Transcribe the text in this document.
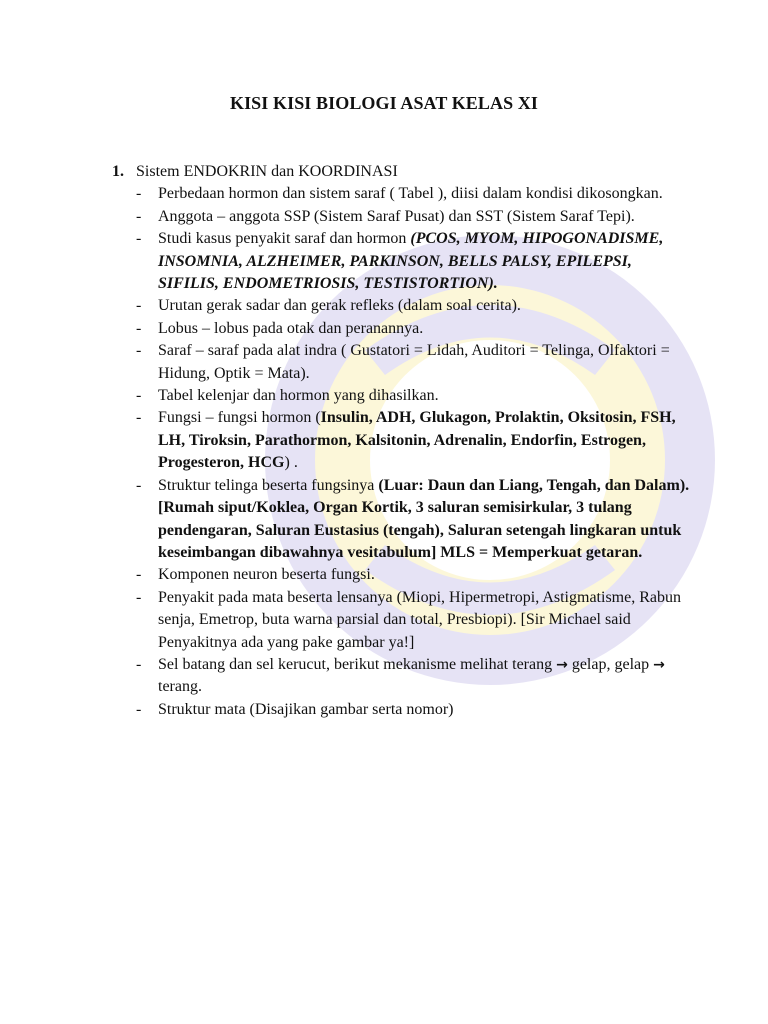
KISI KISI BIOLOGI ASAT KELAS XI

1. Sistem ENDOKRIN dan KOORDINASI

- Perbedaan hormon dan sistem saraf ( Tabel ), diisi dalam kondisi dikosongkan.
- Anggota – anggota SSP (Sistem Saraf Pusat) dan SST (Sistem Saraf Tepi).
- Studi kasus penyakit saraf dan hormon (PCOS, MYOM, HIPOGONADISME, INSOMNIA, ALZHEIMER, PARKINSON, BELLS PALSY, EPILEPSI, SIFILIS, ENDOMETRIOSIS, TESTISTORTION).
- Urutan gerak sadar dan gerak refleks (dalam soal cerita).
- Lobus – lobus pada otak dan peranannya.
- Saraf – saraf pada alat indra ( Gustatori = Lidah, Auditori = Telinga, Olfaktori = Hidung, Optik = Mata).
- Tabel kelenjar dan hormon yang dihasilkan.
- Fungsi – fungsi hormon (Insulin, ADH, Glukagon, Prolaktin, Oksitosin, FSH, LH, Tiroksin, Parathormon, Kalsitonin, Adrenalin, Endorfin, Estrogen, Progesteron, HCG) .
- Struktur telinga beserta fungsinya (Luar: Daun dan Liang, Tengah, dan Dalam). [Rumah siput/Koklea, Organ Kortik, 3 saluran semisirkular, 3 tulang pendengaran, Saluran Eustasius (tengah), Saluran setengah lingkaran untuk keseimbangan dibawahnya vesitabulum] MLS = Memperkuat getaran.
- Komponen neuron beserta fungsi.
- Penyakit pada mata beserta lensanya (Miopi, Hipermetropi, Astigmatisme, Rabun senja, Emetrop, buta warna parsial dan total, Presbiopi). [Sir Michael said Penyakitnya ada yang pake gambar ya!]
- Sel batang dan sel kerucut, berikut mekanisme melihat terang → gelap, gelap → terang.
- Struktur mata (Disajikan gambar serta nomor)
